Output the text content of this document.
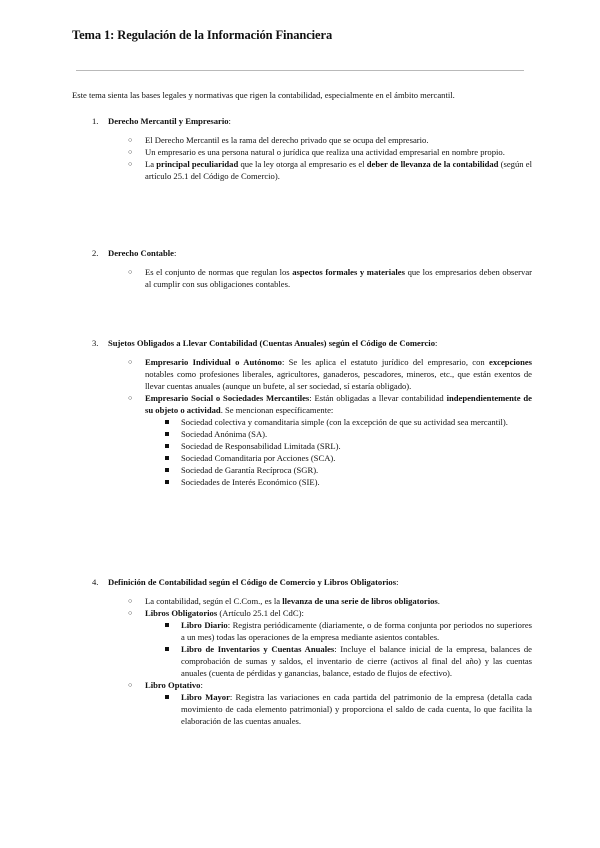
Tema 1: Regulación de la Información Financiera
Este tema sienta las bases legales y normativas que rigen la contabilidad, especialmente en el ámbito mercantil.
1.	Derecho Mercantil y Empresario:
○ El Derecho Mercantil es la rama del derecho privado que se ocupa del empresario.
○ Un empresario es una persona natural o jurídica que realiza una actividad empresarial en nombre propio.
○ La principal peculiaridad que la ley otorga al empresario es el deber de llevanza de la contabilidad (según el artículo 25.1 del Código de Comercio).
2.	Derecho Contable:
○ Es el conjunto de normas que regulan los aspectos formales y materiales que los empresarios deben observar al cumplir con sus obligaciones contables.
3.	Sujetos Obligados a Llevar Contabilidad (Cuentas Anuales) según el Código de Comercio:
○ Empresario Individual o Autónomo: Se les aplica el estatuto jurídico del empresario, con excepciones notables como profesiones liberales, agricultores, ganaderos, pescadores, mineros, etc., que están exentos de llevar cuentas anuales (aunque un bufete, al ser sociedad, sí estaría obligado).
○ Empresario Social o Sociedades Mercantiles: Están obligadas a llevar contabilidad independientemente de su objeto o actividad. Se mencionan específicamente:
Sociedad colectiva y comanditaria simple (con la excepción de que su actividad sea mercantil).
Sociedad Anónima (SA).
Sociedad de Responsabilidad Limitada (SRL).
Sociedad Comanditaria por Acciones (SCA).
Sociedad de Garantía Recíproca (SGR).
Sociedades de Interés Económico (SIE).
4.	Definición de Contabilidad según el Código de Comercio y Libros Obligatorios:
○ La contabilidad, según el C.Com., es la llevanza de una serie de libros obligatorios.
○ Libros Obligatorios (Artículo 25.1 del CdC):
Libro Diario: Registra periódicamente (diariamente, o de forma conjunta por periodos no superiores a un mes) todas las operaciones de la empresa mediante asientos contables.
Libro de Inventarios y Cuentas Anuales: Incluye el balance inicial de la empresa, balances de comprobación de sumas y saldos, el inventario de cierre (activos al final del año) y las cuentas anuales (cuenta de pérdidas y ganancias, balance, estado de flujos de efectivo).
○ Libro Optativo:
Libro Mayor: Registra las variaciones en cada partida del patrimonio de la empresa (detalla cada movimiento de cada elemento patrimonial) y proporciona el saldo de cada cuenta, lo que facilita la elaboración de las cuentas anuales.
